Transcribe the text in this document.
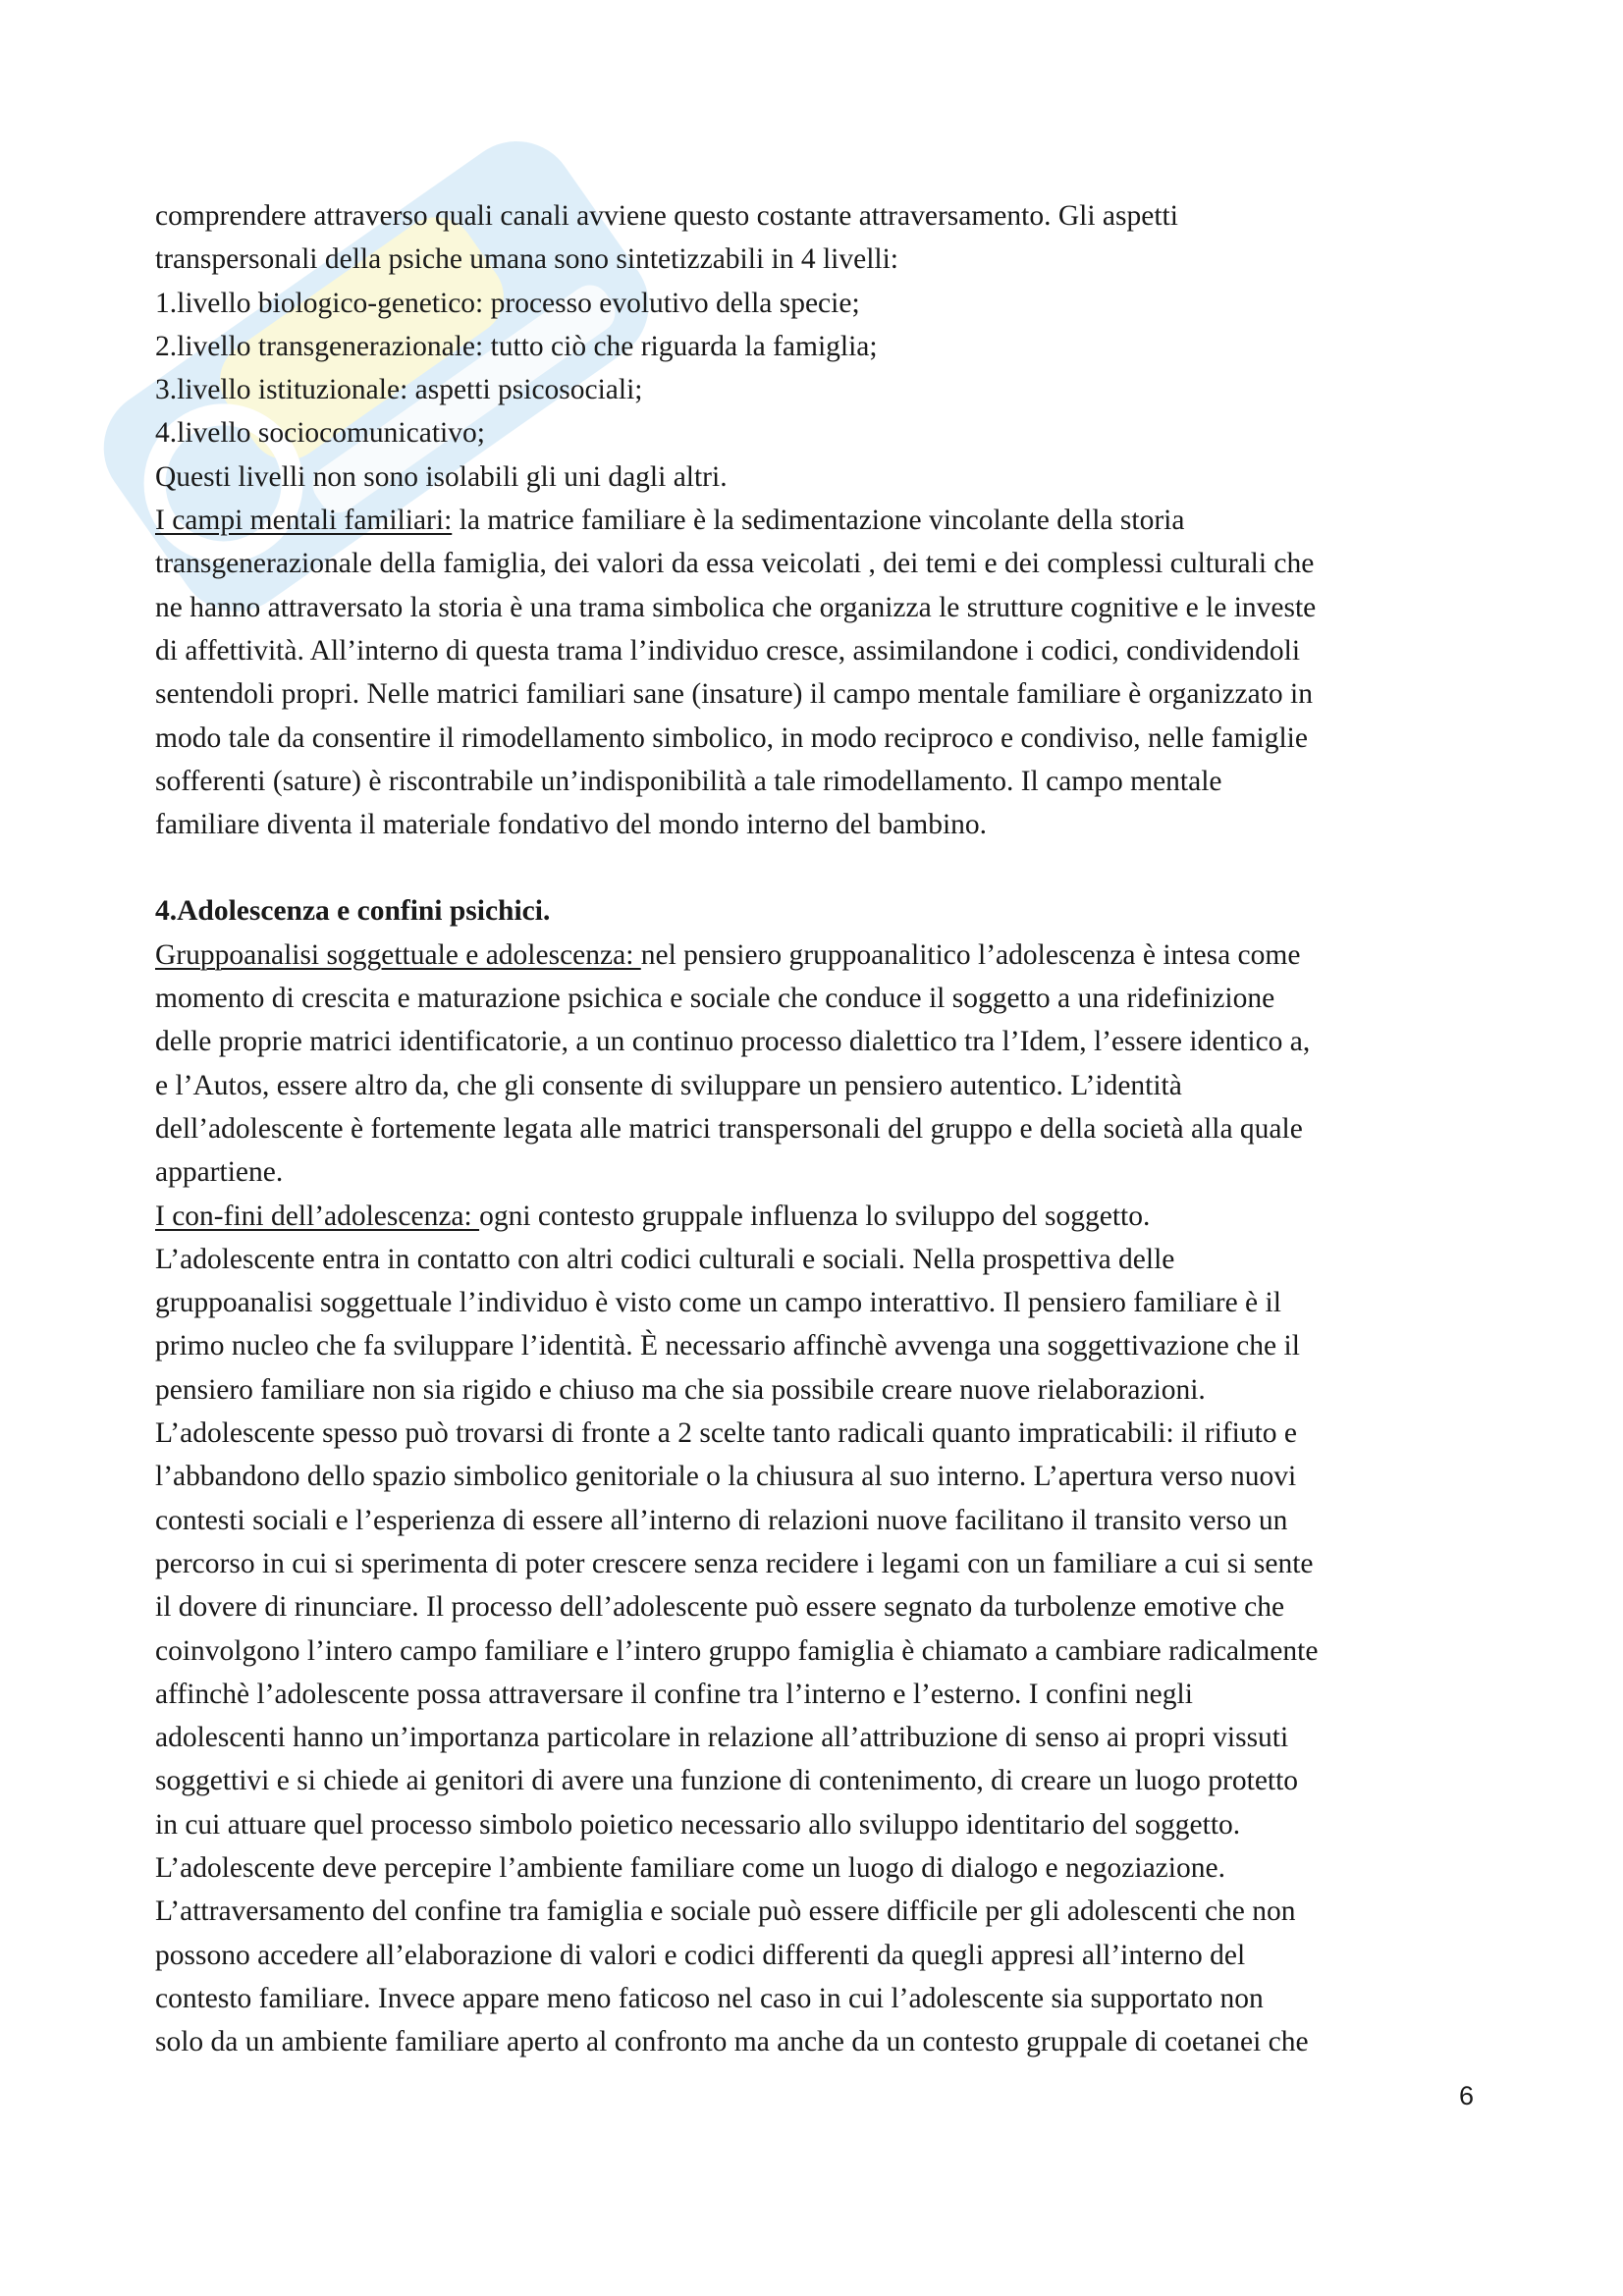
comprendere attraverso quali canali avviene questo costante attraversamento. Gli aspetti

transpersonali della psiche umana sono sintetizzabili in 4 livelli:

1.livello biologico-genetico: processo evolutivo della specie;

2.livello transgenerazionale: tutto ciò che riguarda la famiglia;

3.livello istituzionale: aspetti psicosociali;

4.livello sociocomunicativo;

Questi livelli non sono isolabili gli uni dagli altri.

I campi mentali familiari: la matrice familiare è la sedimentazione vincolante della storia

transgenerazionale della famiglia, dei valori da essa veicolati , dei temi e dei complessi culturali che

ne hanno attraversato la storia è una trama simbolica che organizza le strutture cognitive e le investe

di affettività. All’interno di questa trama l’individuo cresce, assimilandone i codici, condividendoli

sentendoli propri. Nelle matrici familiari sane (insature) il campo mentale familiare è organizzato in

modo tale da consentire il rimodellamento simbolico, in modo reciproco e condiviso, nelle famiglie

sofferenti (sature) è riscontrabile un’indisponibilità a tale rimodellamento. Il campo mentale

familiare diventa il materiale fondativo del mondo interno del bambino.

4.Adolescenza e confini psichici.

Gruppoanalisi soggettuale e adolescenza: nel pensiero gruppoanalitico l’adolescenza è intesa come

momento di crescita e maturazione psichica e sociale che conduce il soggetto a una ridefinizione

delle proprie matrici identificatorie, a un continuo processo dialettico tra l’Idem, l’essere identico a,

e l’Autos, essere altro da, che gli consente di sviluppare un pensiero autentico. L’identità

dell’adolescente è fortemente legata alle matrici transpersonali del gruppo e della società alla quale

appartiene.

I con-fini dell’adolescenza: ogni contesto gruppale influenza lo sviluppo del soggetto.

L’adolescente entra in contatto con altri codici culturali e sociali. Nella prospettiva delle

gruppoanalisi soggettuale l’individuo è visto come un campo interattivo. Il pensiero familiare è il

primo nucleo che fa sviluppare l’identità. È necessario affinchè avvenga una soggettivazione che il

pensiero familiare non sia rigido e chiuso ma che sia possibile creare nuove rielaborazioni.

L’adolescente spesso può trovarsi di fronte a 2 scelte tanto radicali quanto impraticabili: il rifiuto e

l’abbandono dello spazio simbolico genitoriale o la chiusura al suo interno. L’apertura verso nuovi

contesti sociali e l’esperienza di essere all’interno di relazioni nuove facilitano il transito verso un

percorso in cui si sperimenta di poter crescere senza recidere i legami con un familiare a cui si sente

il dovere di rinunciare. Il processo dell’adolescente può essere segnato da turbolenze emotive che

coinvolgono l’intero campo familiare e l’intero gruppo famiglia è chiamato a cambiare radicalmente

affinchè l’adolescente possa attraversare il confine tra l’interno e l’esterno. I confini negli

adolescenti hanno un’importanza particolare in relazione all’attribuzione di senso ai propri vissuti

soggettivi e si chiede ai genitori di avere una funzione di contenimento, di creare un luogo protetto

in cui attuare quel processo simbolo poietico necessario allo sviluppo identitario del soggetto.

L’adolescente deve percepire l’ambiente familiare come un luogo di dialogo e negoziazione.

L’attraversamento del confine tra famiglia e sociale può essere difficile per gli adolescenti che non

possono accedere all’elaborazione di valori e codici differenti da quegli appresi all’interno del

contesto familiare. Invece appare meno faticoso nel caso in cui l’adolescente sia supportato non

solo da un ambiente familiare aperto al confronto ma anche da un contesto gruppale di coetanei che

6
